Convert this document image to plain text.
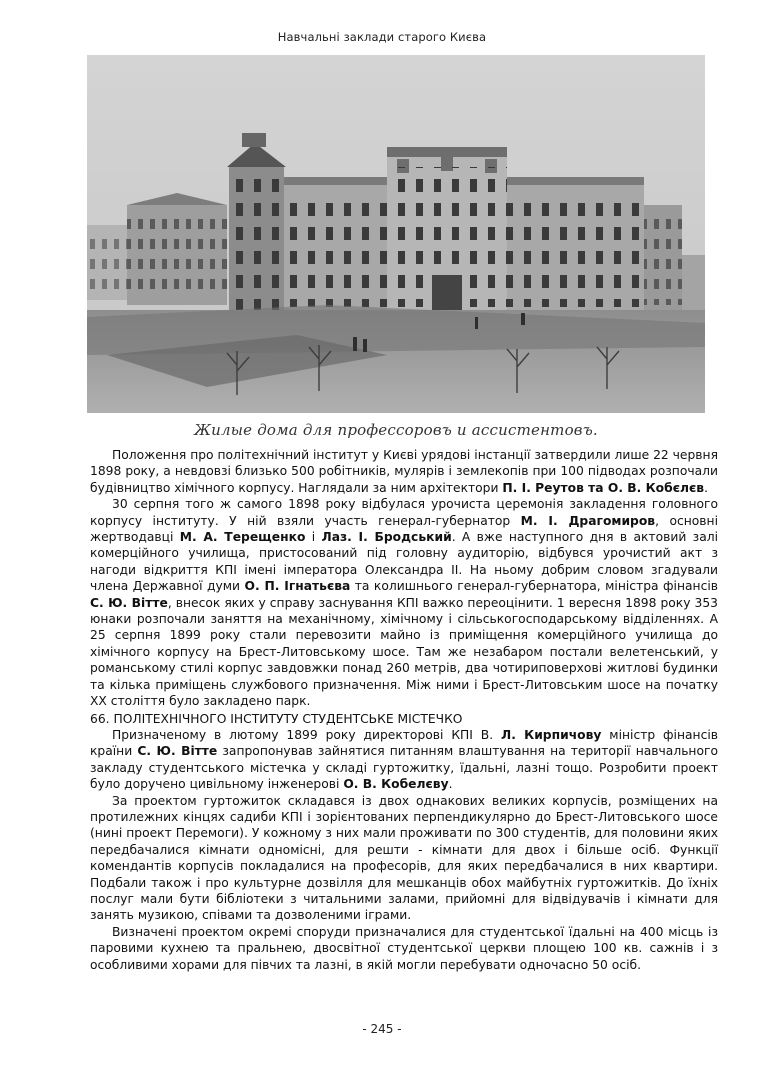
Навчальні заклади старого Києва
Жилые дома для профессоровъ и ассистентовъ.

Положення про політехнічний інститут у Києві урядові інстанції затвердили лише 22 червня 1898 року, а невдовзі близько 500 робітників, мулярів і землекопів при 100 підводах розпочали будівництво хімічного корпусу. Наглядали за ним архітектори П. І. Реутов та О. В. Кобєлєв.

30 серпня того ж самого 1898 року відбулася урочиста церемонія закладення головного корпусу інституту. У ній взяли участь генерал-губернатор М. І. Драгомиров, основні жертводавці М. А. Терещенко і Лаз. І. Бродський. А вже наступного дня в актовий залі комерційного училища, пристосований під головну аудиторію, відбувся урочистий акт з нагоди відкриття КПІ імені імператора Олександра ІІ. На ньому добрим словом згадували члена Державної думи О. П. Ігнатьєва та колишнього генерал-губернатора, міністра фінансів С. Ю. Вітте, внесок яких у справу заснування КПІ важко переоцінити. 1 вересня 1898 року 353 юнаки розпочали заняття на механічному, хімічному і сільськогосподарському відділеннях. А 25 серпня 1899 року стали перевозити майно із приміщення комерційного училища до хімічного корпусу на Брест-Литовському шосе. Там же незабаром постали велетенський, у романському стилі корпус завдовжки понад 260 метрів, два чотириповерхові житлові будинки та кілька приміщень службового призначення. Між ними і Брест-Литовським шосе на початку ХХ століття було закладено парк.

66. ПОЛІТЕХНІЧНОГО ІНСТИТУТУ СТУДЕНТСЬКЕ МІСТЕЧКО

Призначеному в лютому 1899 року директорові КПІ В. Л. Кирпичову міністр фінансів країни С. Ю. Вітте запропонував зайнятися питанням влаштування на території навчального закладу студентського містечка у складі гуртожитку, їдальні, лазні тощо. Розробити проект було доручено цивільному інженерові О. В. Кобелєву.

За проектом гуртожиток складався із двох однакових великих корпусів, розміщених на протилежних кінцях садиби КПІ і зорієнтованих перпендикулярно до Брест-Литовського шосе (нині проект Перемоги). У кожному з них мали проживати по 300 студентів, для половини яких передбачалися кімнати одномісні, для решти - кімнати для двох і більше осіб. Функції комендантів корпусів покладалися на професорів, для яких передбачалися в них квартири. Подбали також і про культурне дозвілля для мешканців обох майбутніх гуртожитків. До їхніх послуг мали бути бібліотеки з читальними залами, прийомні для відвідувачів і кімнати для занять музикою, співами та дозволеними іграми.

Визначені проектом окремі споруди призначалися для студентської їдальні на 400 місць із паровими кухнею та пральнею, двосвітної студентської церкви площею 100 кв. сажнів і з особливими хорами для півчих та лазні, в якій могли перебувати одночасно 50 осіб.

- 245 -
